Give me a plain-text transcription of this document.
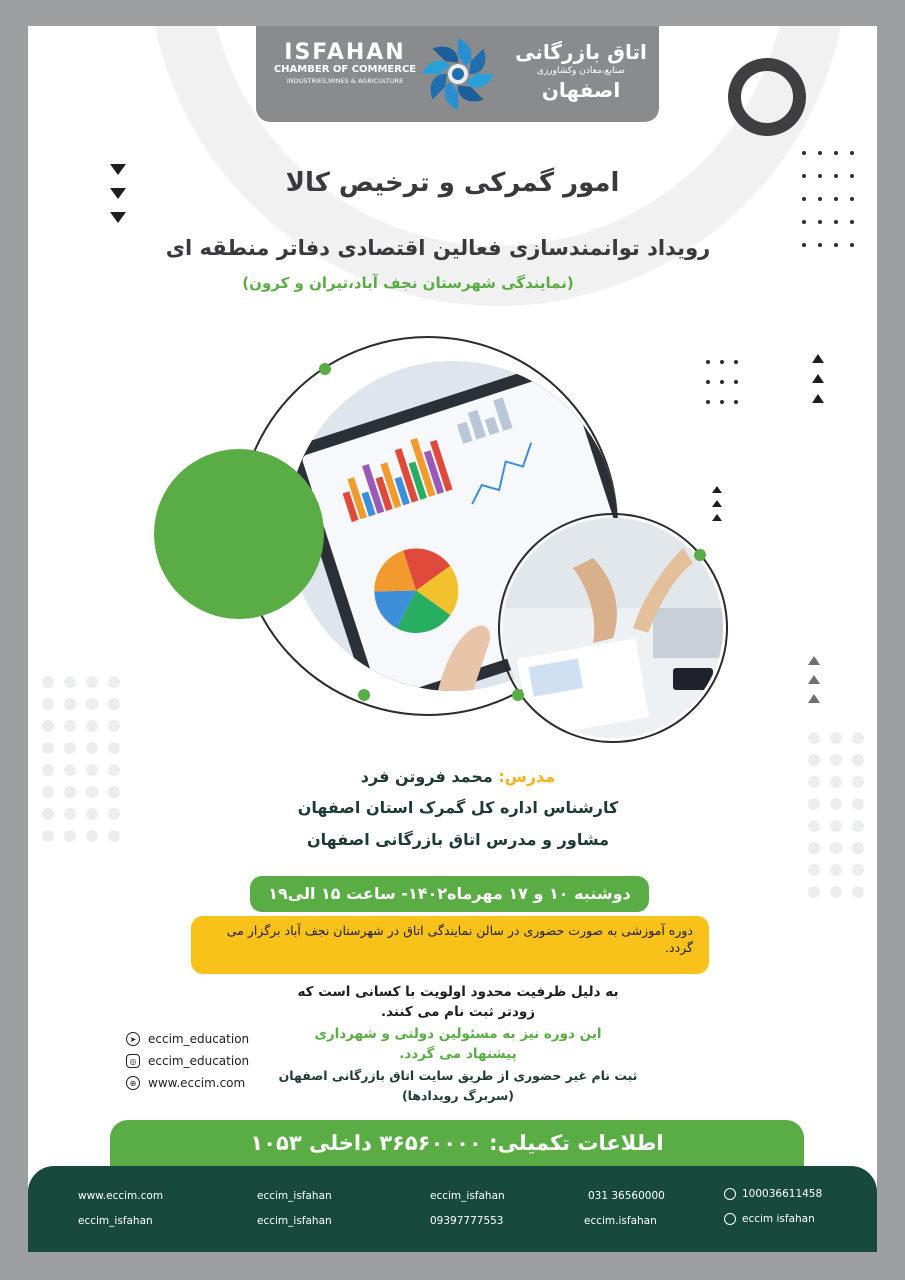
ISFAHAN
CHAMBER OF COMMERCE
INDUSTRIES,MINES & AGRICULTURE
اتاق بازرگانی
صنایع،معادن وکشاورزی
اصفهان
امور گمرکی و ترخیص کالا
رویداد توانمندسازی فعالین اقتصادی دفاتر منطقه ای
(نمایندگی شهرستان نجف آباد،تیران و کرون)
مدرس: محمد فروتن فرد
کارشناس اداره کل گمرک استان اصفهان
مشاور و مدرس اتاق بازرگانی اصفهان
دوشنبه ۱۰ و ۱۷ مهرماه۱۴۰۲- ساعت ۱۵ الی۱۹
دوره آموزشی به صورت حضوری در سالن نمایندگی اتاق در شهرستان نجف آباد برگزار می گردد.
به دلیل ظرفیت محدود اولویت با کسانی است که
زودتر ثبت نام می کنند.
این دوره نیز به مسئولین دولتی و شهرداری
پیشنهاد می گردد.
ثبت نام غیر حضوری از طریق سایت اتاق بازرگانی اصفهان
(سربرگ رویدادها)
➤ eccim_education
◎ eccim_education
⊕ www.eccim.com
اطلاعات تکمیلی: ۳۶۵۶۰۰۰۰ داخلی ۱۰۵۳
www.eccim.com	eccim_isfahan	eccim_isfahan	031 36560000	100036611458
eccim_isfahan	eccim_isfahan	09397777553	eccim.isfahan	eccim isfahan
